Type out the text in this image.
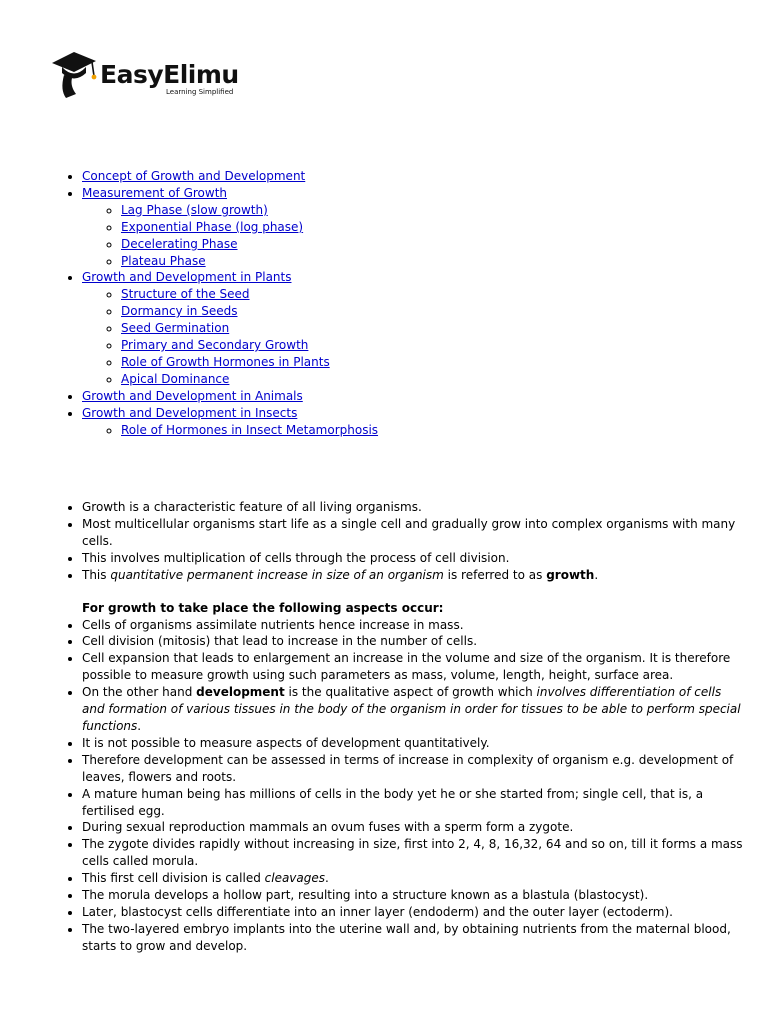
EasyElimu
Learning Simplified
• Concept of Growth and Development
• Measurement of Growth
◦ Lag Phase (slow growth)
◦ Exponential Phase (log phase)
◦ Decelerating Phase
◦ Plateau Phase
• Growth and Development in Plants
◦ Structure of the Seed
◦ Dormancy in Seeds
◦ Seed Germination
◦ Primary and Secondary Growth
◦ Role of Growth Hormones in Plants
◦ Apical Dominance
• Growth and Development in Animals
• Growth and Development in Insects
◦ Role of Hormones in Insect Metamorphosis
• Growth is a characteristic feature of all living organisms.
• Most multicellular organisms start life as a single cell and gradually grow into complex organisms with many cells.
• This involves multiplication of cells through the process of cell division.
• This quantitative permanent increase in size of an organism is referred to as growth.
For growth to take place the following aspects occur:
• Cells of organisms assimilate nutrients hence increase in mass.
• Cell division (mitosis) that lead to increase in the number of cells.
• Cell expansion that leads to enlargement an increase in the volume and size of the organism. It is therefore possible to measure growth using such parameters as mass, volume, length, height, surface area.
• On the other hand development is the qualitative aspect of growth which involves differentiation of cells and formation of various tissues in the body of the organism in order for tissues to be able to perform special functions.
• It is not possible to measure aspects of development quantitatively.
• Therefore development can be assessed in terms of increase in complexity of organism e.g. development of leaves, flowers and roots.
• A mature human being has millions of cells in the body yet he or she started from; single cell, that is, a fertilised egg.
• During sexual reproduction mammals an ovum fuses with a sperm form a zygote.
• The zygote divides rapidly without increasing in size, first into 2, 4, 8, 16,32, 64 and so on, till it forms a mass cells called morula.
• This first cell division is called cleavages.
• The morula develops a hollow part, resulting into a structure known as a blastula (blastocyst).
• Later, blastocyst cells differentiate into an inner layer (endoderm) and the outer layer (ectoderm).
• The two-layered embryo implants into the uterine wall and, by obtaining nutrients from the maternal blood, starts to grow and develop.
